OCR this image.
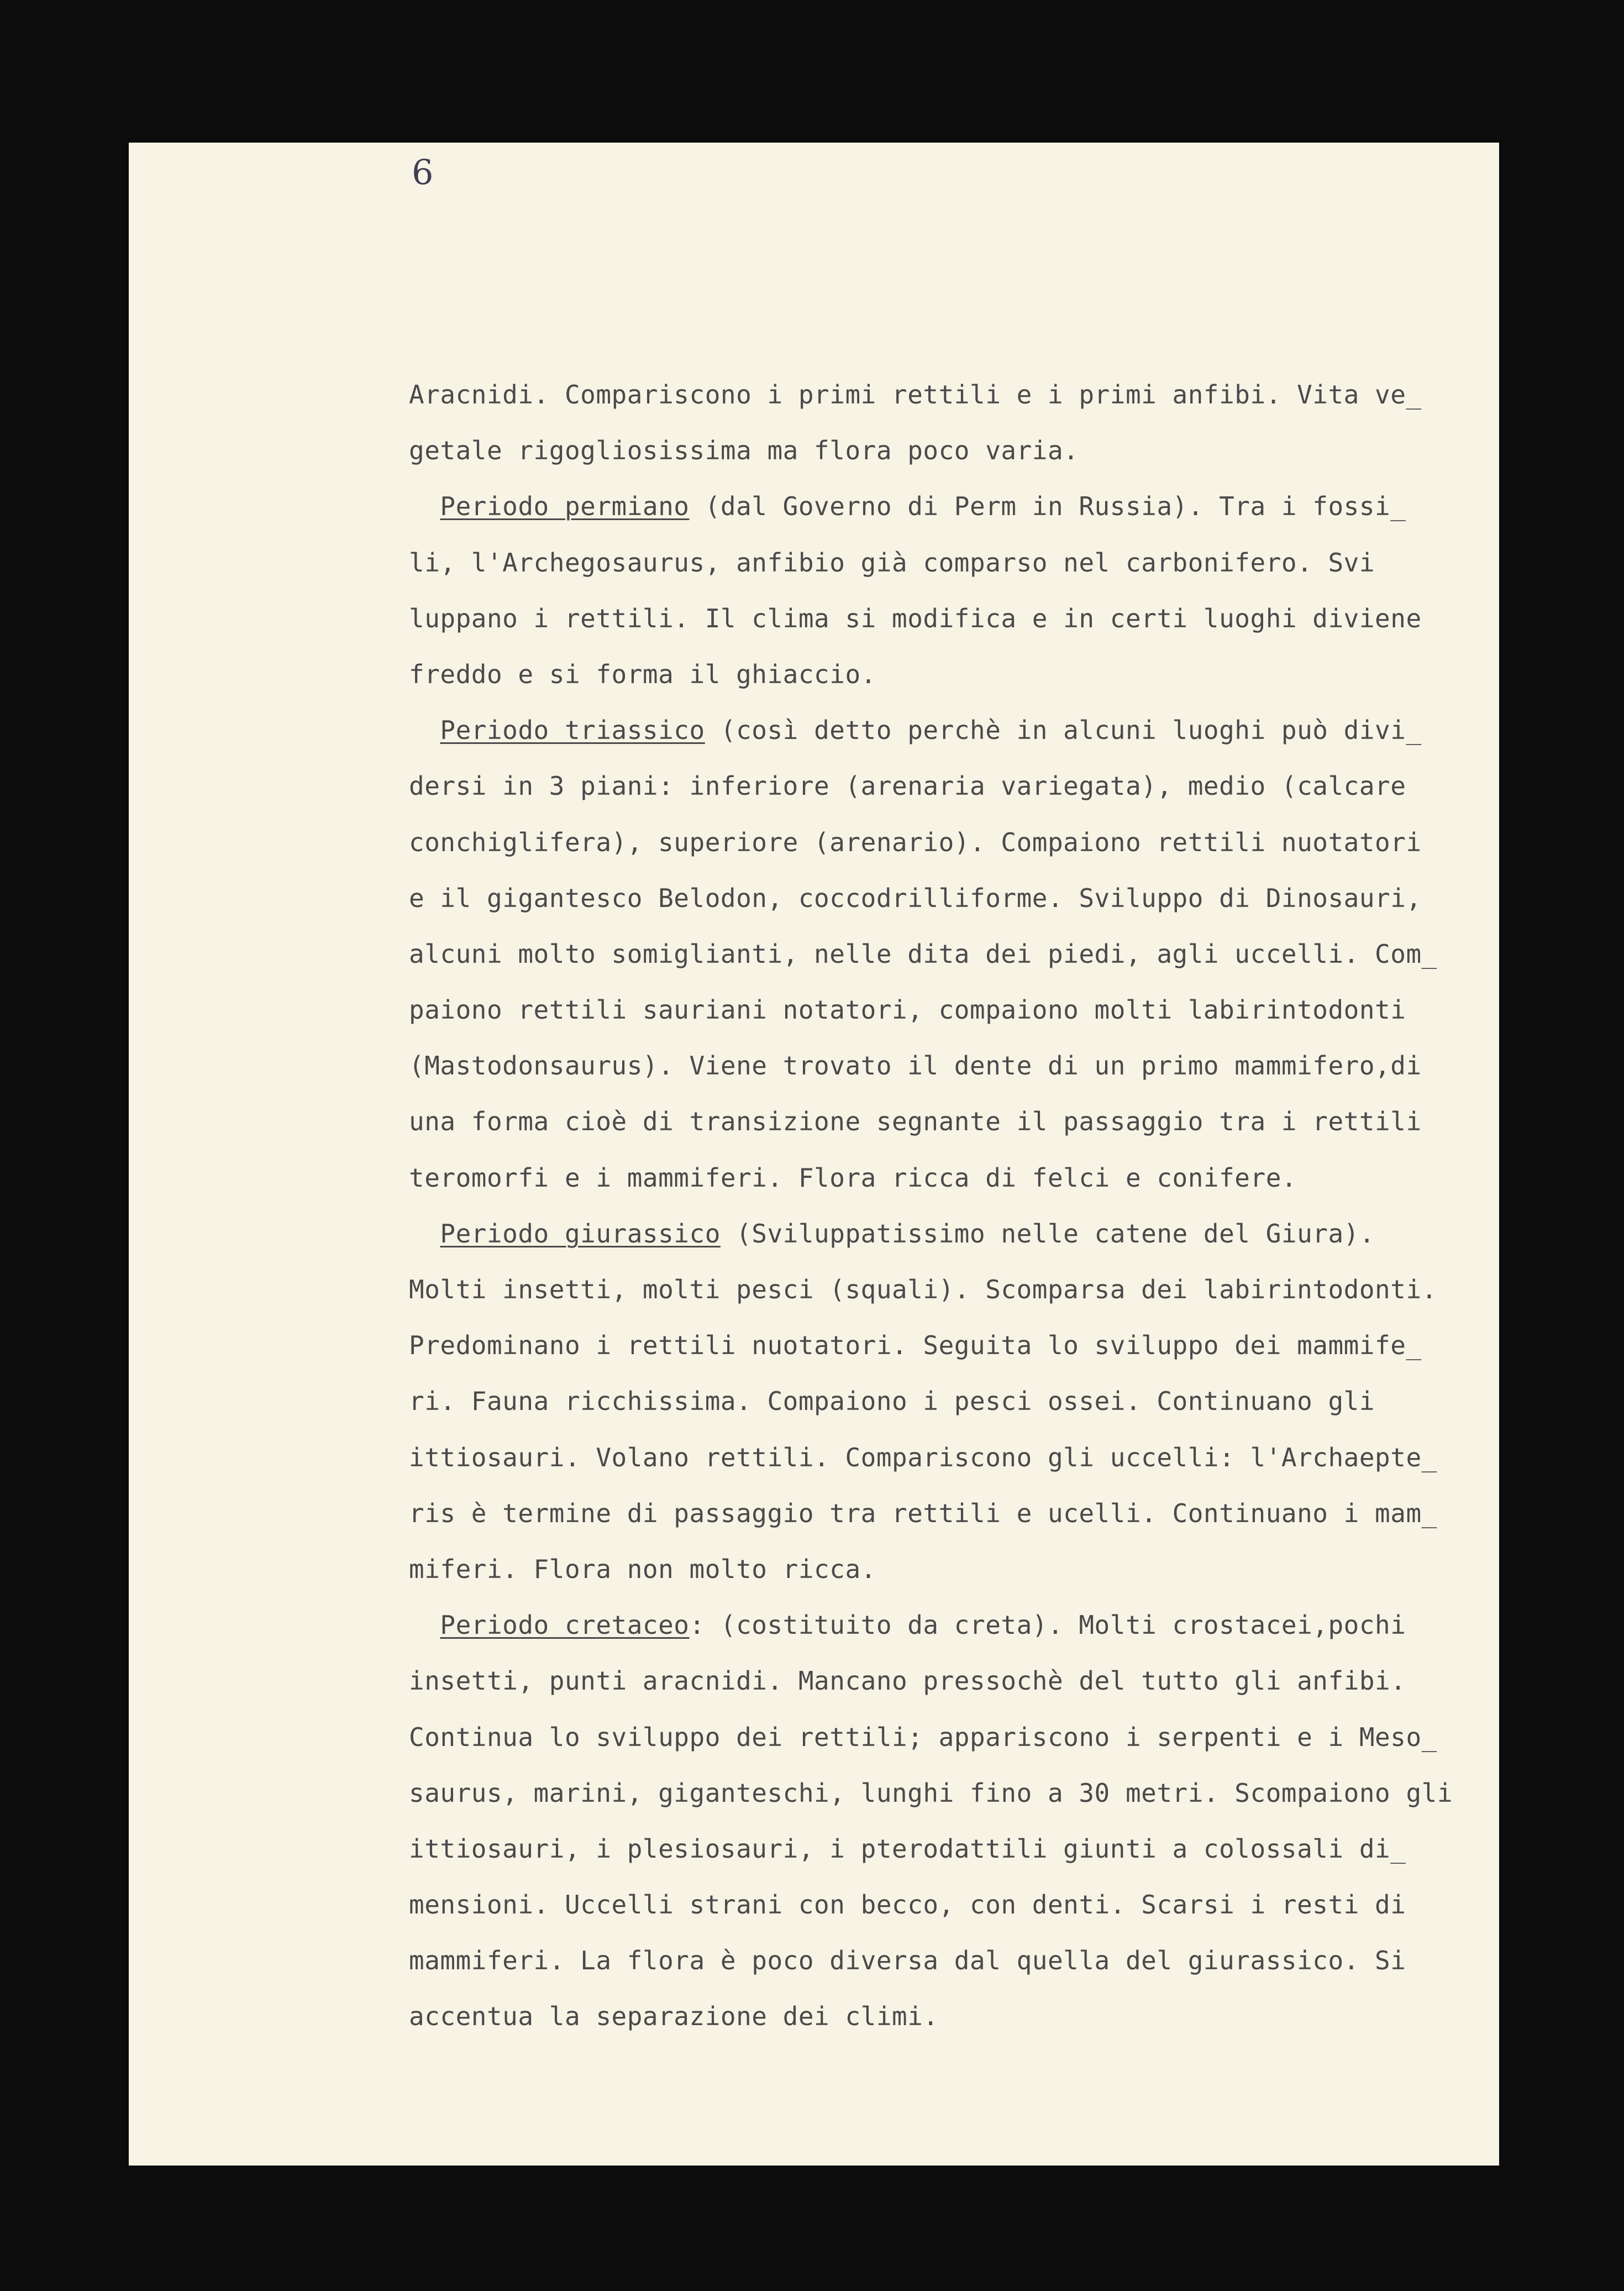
6
Aracnidi. Compariscono i primi rettili e i primi anfibi. Vita ve_
getale rigogliosissima ma flora poco varia.
Periodo permiano (dal Governo di Perm in Russia). Tra i fossi_
li, l'Archegosaurus, anfibio già comparso nel carbonifero. Svi
luppano i rettili. Il clima si modifica e in certi luoghi diviene
freddo e si forma il ghiaccio.
Periodo triassico (così detto perchè in alcuni luoghi può divi_
dersi in 3 piani: inferiore (arenaria variegata), medio (calcare
conchiglifera), superiore (arenario). Compaiono rettili nuotatori
e il gigantesco Belodon, coccodrilliforme. Sviluppo di Dinosauri,
alcuni molto somiglianti, nelle dita dei piedi, agli uccelli. Com_
paiono rettili sauriani notatori, compaiono molti labirintodonti
(Mastodonsaurus). Viene trovato il dente di un primo mammifero,di
una forma cioè di transizione segnante il passaggio tra i rettili
teromorfi e i mammiferi. Flora ricca di felci e conifere.
Periodo giurassico (Sviluppatissimo nelle catene del Giura).
Molti insetti, molti pesci (squali). Scomparsa dei labirintodonti.
Predominano i rettili nuotatori. Seguita lo sviluppo dei mammife_
ri. Fauna ricchissima. Compaiono i pesci ossei. Continuano gli
ittiosauri. Volano rettili. Compariscono gli uccelli: l'Archaepte_
ris è termine di passaggio tra rettili e ucelli. Continuano i mam_
miferi. Flora non molto ricca.
Periodo cretaceo: (costituito da creta). Molti crostacei,pochi
insetti, punti aracnidi. Mancano pressochè del tutto gli anfibi.
Continua lo sviluppo dei rettili; appariscono i serpenti e i Meso_
saurus, marini, giganteschi, lunghi fino a 30 metri. Scompaiono gli
ittiosauri, i plesiosauri, i pterodattili giunti a colossali di_
mensioni. Uccelli strani con becco, con denti. Scarsi i resti di
mammiferi. La flora è poco diversa dal quella del giurassico. Si
accentua la separazione dei climi.
